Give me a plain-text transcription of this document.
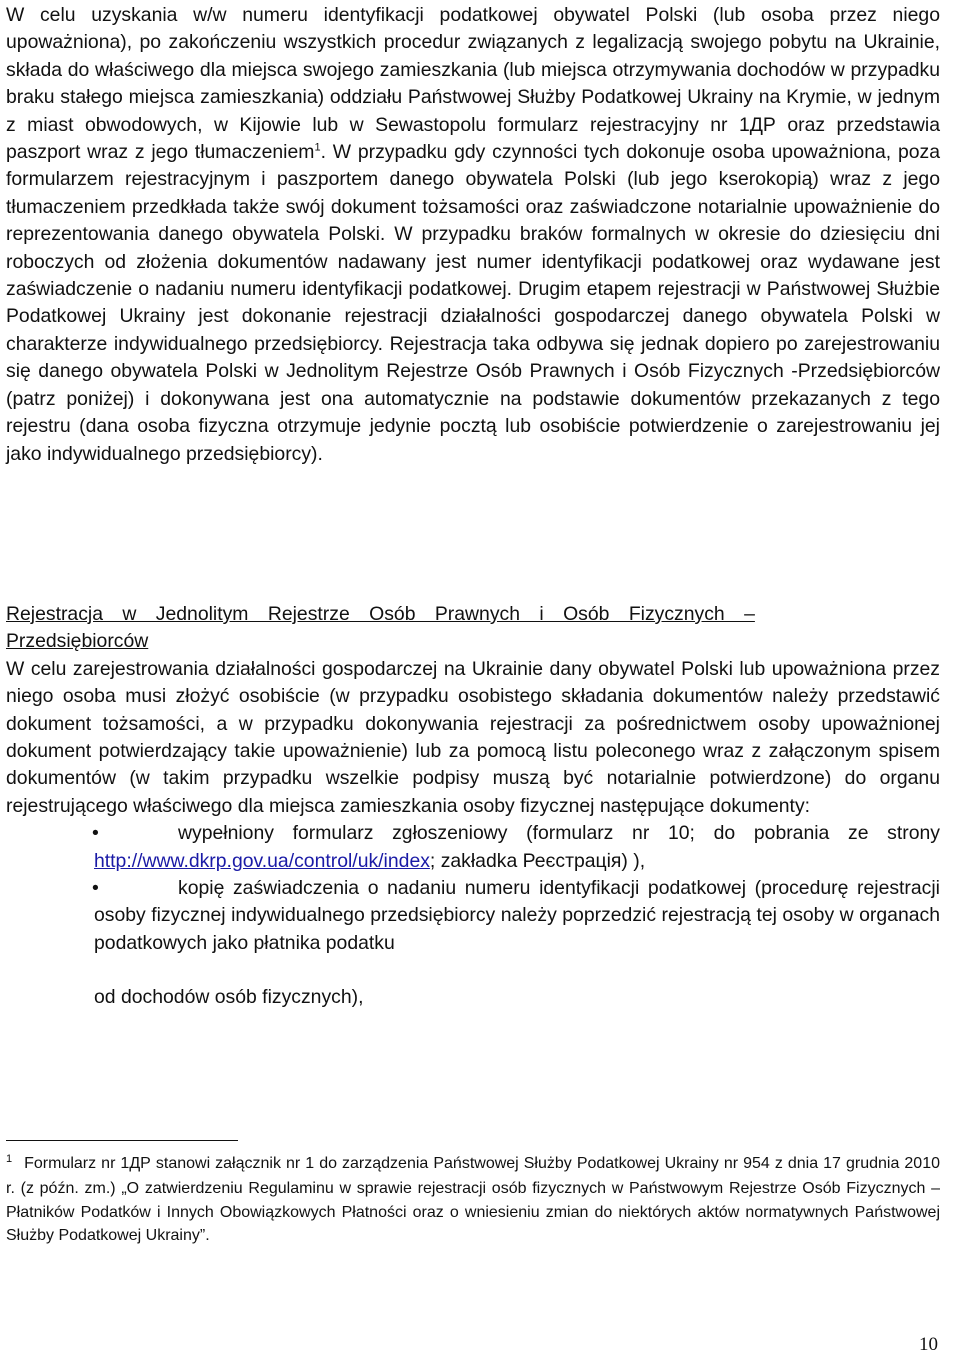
W celu uzyskania w/w numeru identyfikacji podatkowej obywatel Polski (lub osoba przez niego upoważniona), po zakończeniu wszystkich procedur związanych z legalizacją swojego pobytu na Ukrainie, składa do właściwego dla miejsca swojego zamieszkania (lub miejsca otrzymywania dochodów w przypadku braku stałego miejsca zamieszkania) oddziału Państwowej Służby Podatkowej Ukrainy na Krymie, w jednym z miast obwodowych, w Kijowie lub w Sewastopolu formularz rejestracyjny nr 1ДР oraz przedstawia paszport wraz z jego tłumaczeniem$^1$. W przypadku gdy czynności tych dokonuje osoba upoważniona, poza formularzem rejestracyjnym i paszportem danego obywatela Polski (lub jego kserokopią) wraz z jego tłumaczeniem przedkłada także swój dokument tożsamości oraz zaświadczone notarialnie upoważnienie do reprezentowania danego obywatela Polski. W przypadku braków formalnych w okresie do dziesięciu dni roboczych od złożenia dokumentów nadawany jest numer identyfikacji podatkowej oraz wydawane jest zaświadczenie o nadaniu numeru identyfikacji podatkowej. Drugim etapem rejestracji w Państwowej Służbie Podatkowej Ukrainy jest dokonanie rejestracji działalności gospodarczej danego obywatela Polski w charakterze indywidualnego przedsiębiorcy. Rejestracja taka odbywa się jednak dopiero po zarejestrowaniu się danego obywatela Polski w Jednolitym Rejestrze Osób Prawnych i Osób Fizycznych -Przedsiębiorców (patrz poniżej) i dokonywana jest ona automatycznie na podstawie dokumentów przekazanych z tego rejestru (dana osoba fizyczna otrzymuje jedynie pocztą lub osobiście potwierdzenie o zarejestrowaniu jej jako indywidualnego przedsiębiorcy).

Rejestracja w Jednolitym Rejestrze Osób Prawnych i Osób Fizycznych –

Przedsiębiorców

W celu zarejestrowania działalności gospodarczej na Ukrainie dany obywatel Polski lub upoważniona przez niego osoba musi złożyć osobiście (w przypadku osobistego składania dokumentów należy przedstawić dokument tożsamości, a w przypadku dokonywania rejestracji za pośrednictwem osoby upoważnionej dokument potwierdzający takie upoważnienie) lub za pomocą listu poleconego wraz z załączonym spisem dokumentów (w takim przypadku wszelkie podpisy muszą być notarialnie potwierdzone) do organu rejestrującego właściwego dla miejsca zamieszkania osoby fizycznej następujące dokumenty:

•	wypełniony formularz zgłoszeniowy (formularz nr 10; do pobrania ze strony http://www.dkrp.gov.ua/control/uk/index; zakładka Реєстрація) ),
•	kopię zaświadczenia o nadaniu numeru identyfikacji podatkowej (procedurę rejestracji osoby fizycznej indywidualnego przedsiębiorcy należy poprzedzić rejestracją tej osoby w organach podatkowych jako płatnika podatku
od dochodów osób fizycznych),
$^1$ Formularz nr 1ДР stanowi załącznik nr 1 do zarządzenia Państwowej Służby Podatkowej Ukrainy nr 954 z dnia 17 grudnia 2010 r. (z późn. zm.) „O zatwierdzeniu Regulaminu w sprawie rejestracji osób fizycznych w Państwowym Rejestrze Osób Fizycznych – Płatników Podatków i Innych Obowiązkowych Płatności oraz o wniesieniu zmian do niektórych aktów normatywnych Państwowej Służby Podatkowej Ukrainy”.
10
